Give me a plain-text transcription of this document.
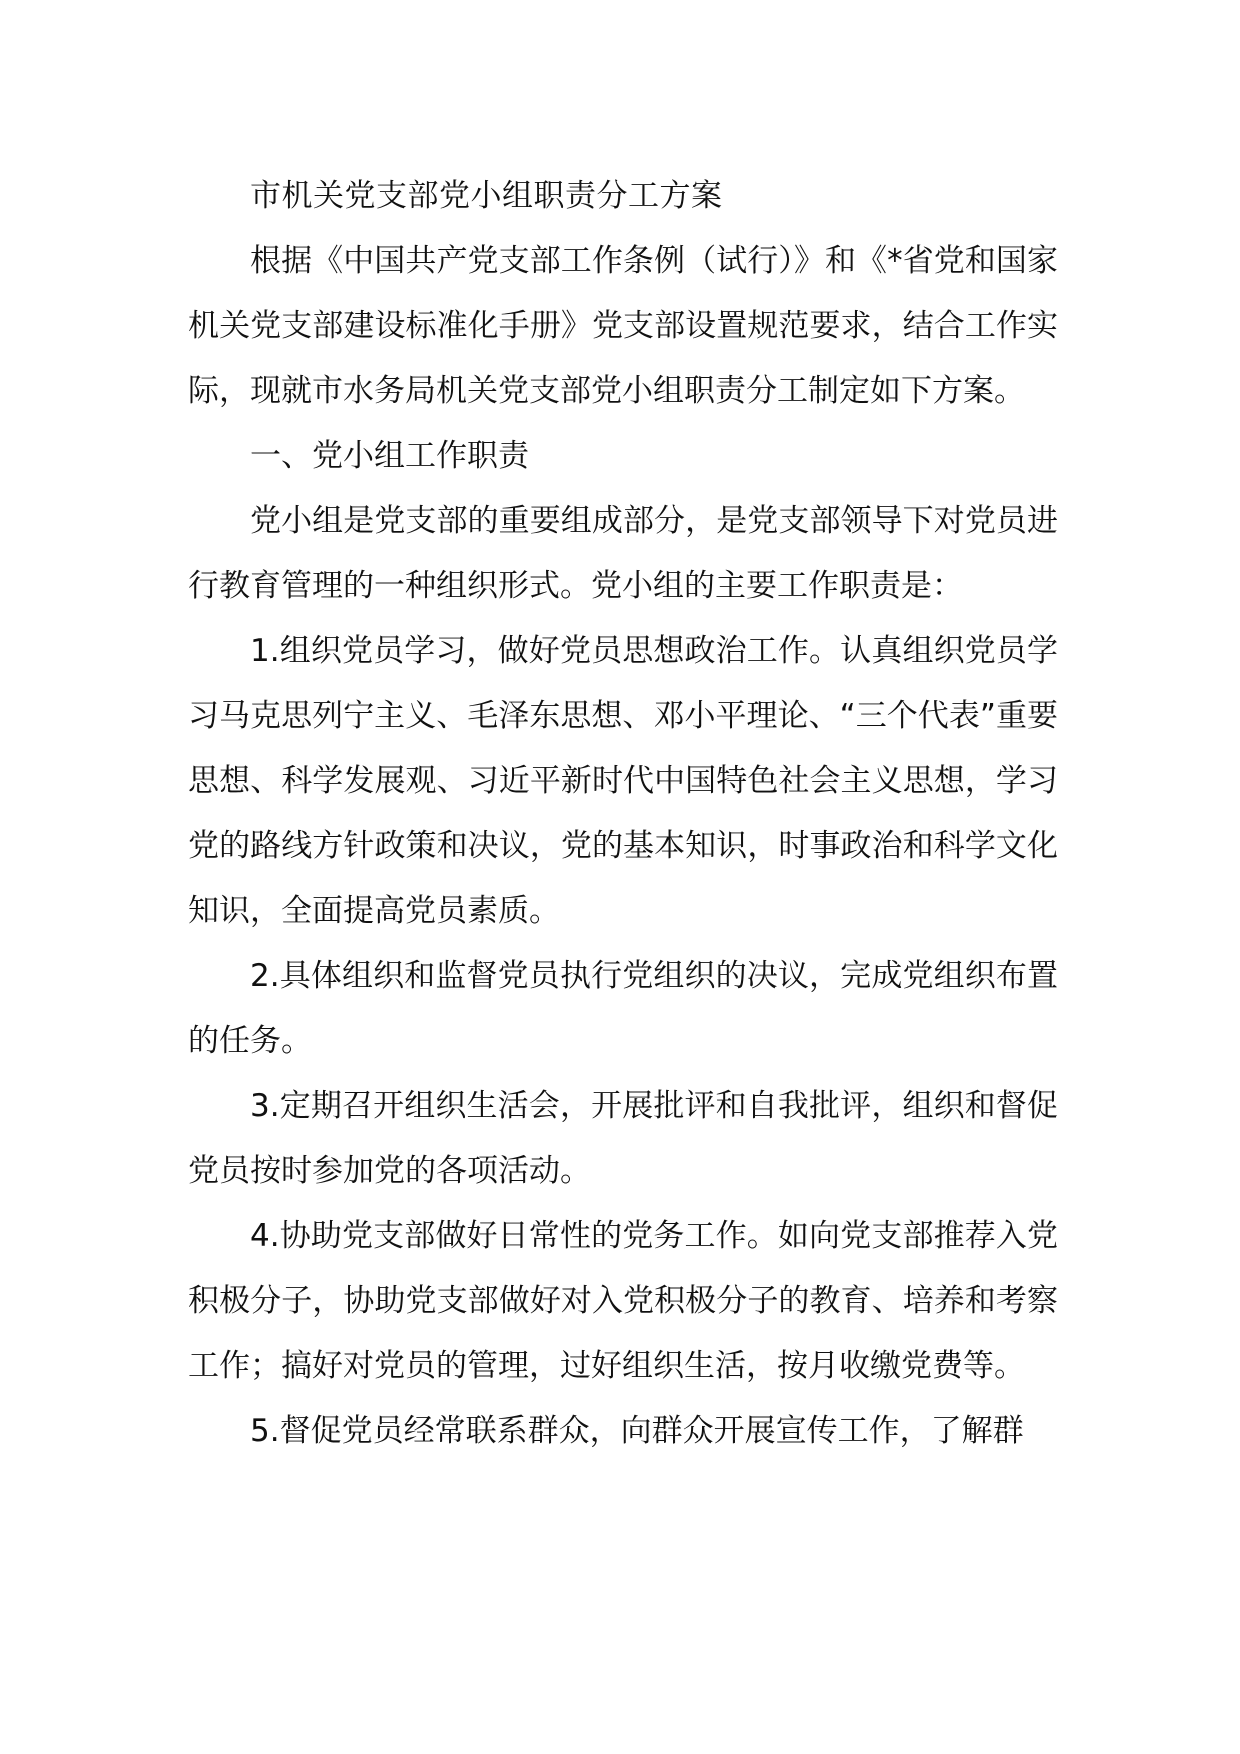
市机关党支部党小组职责分工方案

根据《中国共产党支部工作条例（试行）》和《*省党和国家机关党支部建设标准化手册》党支部设置规范要求，结合工作实际，现就市水务局机关党支部党小组职责分工制定如下方案。

一、党小组工作职责

党小组是党支部的重要组成部分，是党支部领导下对党员进行教育管理的一种组织形式。党小组的主要工作职责是：

1.组织党员学习，做好党员思想政治工作。认真组织党员学习马克思列宁主义、毛泽东思想、邓小平理论、“三个代表”重要思想、科学发展观、习近平新时代中国特色社会主义思想，学习党的路线方针政策和决议，党的基本知识，时事政治和科学文化知识，全面提高党员素质。

2.具体组织和监督党员执行党组织的决议，完成党组织布置的任务。

3.定期召开组织生活会，开展批评和自我批评，组织和督促党员按时参加党的各项活动。

4.协助党支部做好日常性的党务工作。如向党支部推荐入党积极分子，协助党支部做好对入党积极分子的教育、培养和考察工作；搞好对党员的管理，过好组织生活，按月收缴党费等。

5.督促党员经常联系群众，向群众开展宣传工作，了解群
